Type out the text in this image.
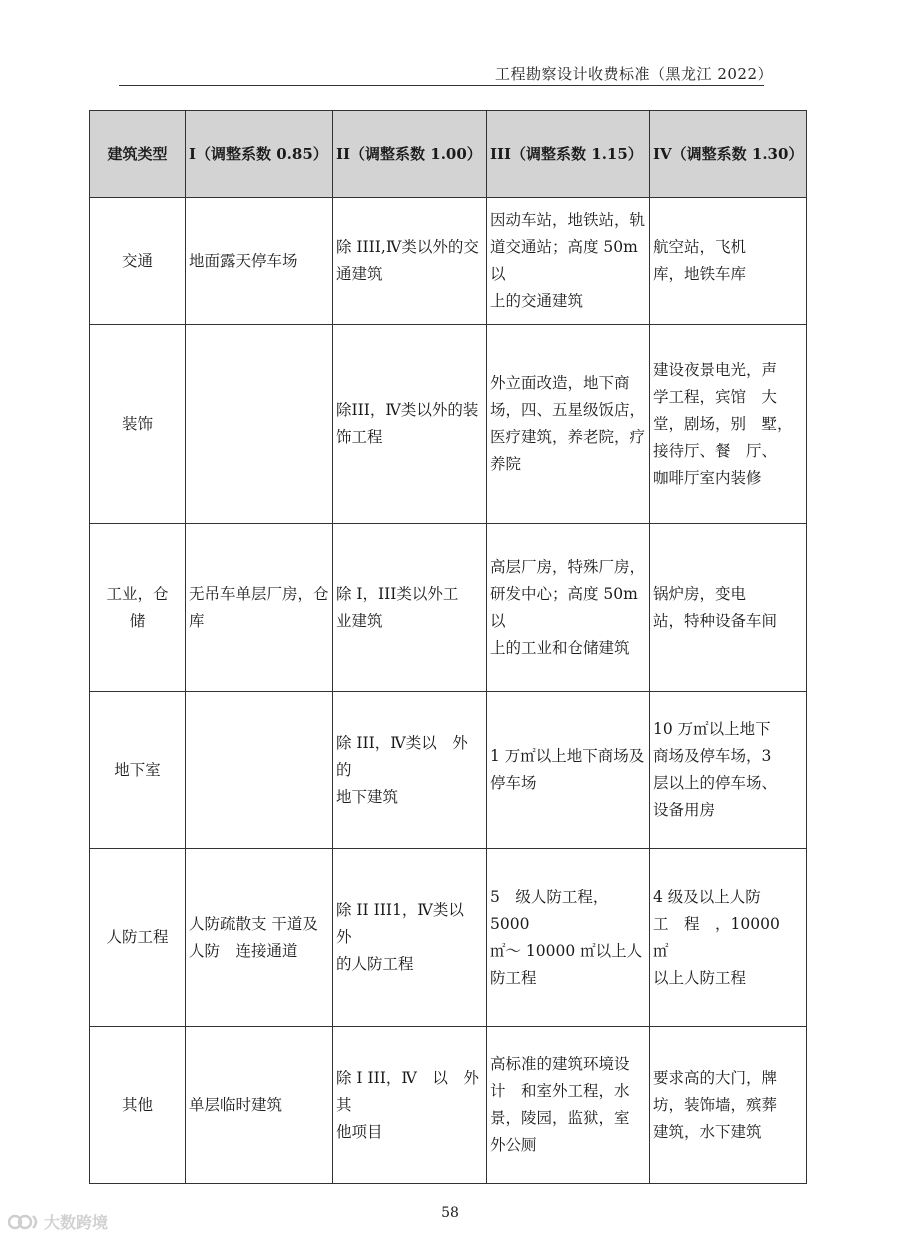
工程勘察设计收费标准（黑龙江 2022）
建筑类型	I（调整系数 0.85）	II（调整系数 1.00）	III（调整系数 1.15）	IV（调整系数 1.30）
交通	地面露天停车场	除 IIII,Ⅳ类以外的交
通建筑	因动车站，地铁站，轨
道交通站；高度 50m 以
上的交通建筑	航空站，飞机
库，地铁车库
装饰		除III，Ⅳ类以外的装
饰工程	外立面改造，地下商
场，四、五星级饭店，
医疗建筑，养老院，疗
养院	建设夜景电光，声
学工程，宾馆　大
堂，剧场，别　墅，
接待厅、餐　厅、
咖啡厅室内装修
工业，仓
储	无吊车单层厂房，仓
库	除 I，III类以外工
业建筑	高层厂房，特殊厂房，
研发中心；高度 50m 以
上的工业和仓储建筑	锅炉房，变电
站，特种设备车间
地下室		除 III，Ⅳ类以　外的
地下建筑	1 万㎡以上地下商场及
停车场	10 万㎡以上地下
商场及停车场，3
层以上的停车场、
设备用房
人防工程	人防疏散支 干道及
人防　连接通道	除 II III1，Ⅳ类以　外
的人防工程	5　级人防工程，5000
㎡～ 10000 ㎡以上人
防工程	4 级及以上人防
工　程　，10000　㎡
以上人防工程
其他	单层临时建筑	除 I III，Ⅳ　以　外其
他项目	高标准的建筑环境设
计　和室外工程，水
景，陵园，监狱，室
外公厕	要求高的大门，牌
坊，装饰墙，殡葬
建筑，水下建筑
58
大数跨境
